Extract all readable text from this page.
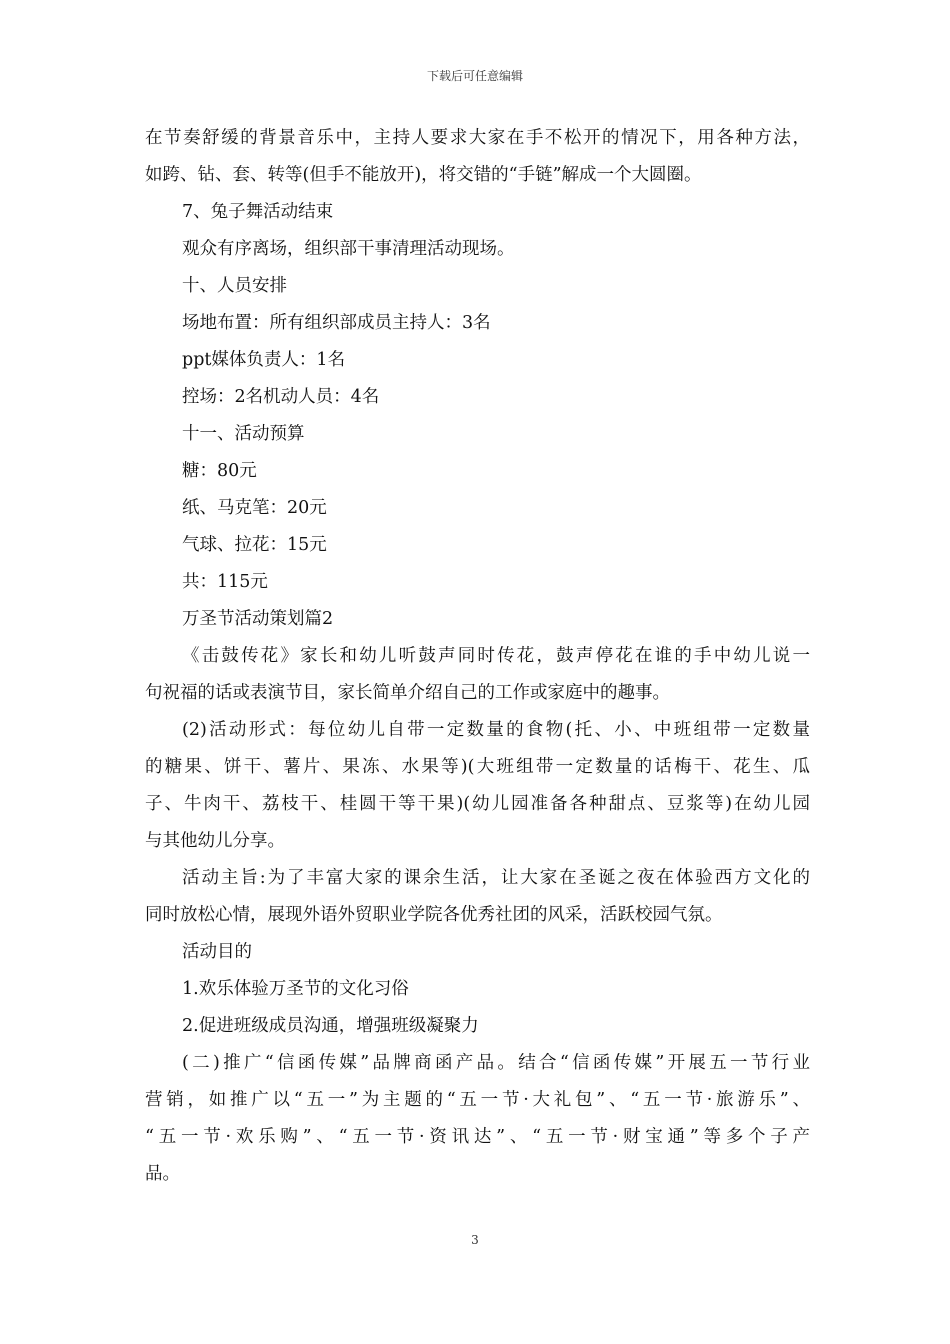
下载后可任意编辑
在节奏舒缓的背景音乐中，主持人要求大家在手不松开的情况下，用各种方法，
如跨、钻、套、转等(但手不能放开)，将交错的“手链”解成一个大圆圈。
7、兔子舞活动结束
观众有序离场，组织部干事清理活动现场。
十、人员安排
场地布置：所有组织部成员主持人：3名
ppt媒体负责人：1名
控场：2名机动人员：4名
十一、活动预算
糖：80元
纸、马克笔：20元
气球、拉花：15元
共：115元
万圣节活动策划篇2
《击鼓传花》家长和幼儿听鼓声同时传花，鼓声停花在谁的手中幼儿说一
句祝福的话或表演节目，家长简单介绍自己的工作或家庭中的趣事。
(2)活动形式：每位幼儿自带一定数量的食物(托、小、中班组带一定数量
的糖果、饼干、薯片、果冻、水果等)(大班组带一定数量的话梅干、花生、瓜
子、牛肉干、荔枝干、桂圆干等干果)(幼儿园准备各种甜点、豆浆等)在幼儿园
与其他幼儿分享。
活动主旨:为了丰富大家的课余生活，让大家在圣诞之夜在体验西方文化的
同时放松心情，展现外语外贸职业学院各优秀社团的风采，活跃校园气氛。
活动目的
1.欢乐体验万圣节的文化习俗
2.促进班级成员沟通，增强班级凝聚力
(二)推广“信函传媒”品牌商函产品。结合“信函传媒”开展五一节行业
营销，如推广以“五一”为主题的“五一节·大礼包”、“五一节·旅游乐”、
“五一节·欢乐购”、“五一节·资讯达”、“五一节·财宝通”等多个子产
品。
3
